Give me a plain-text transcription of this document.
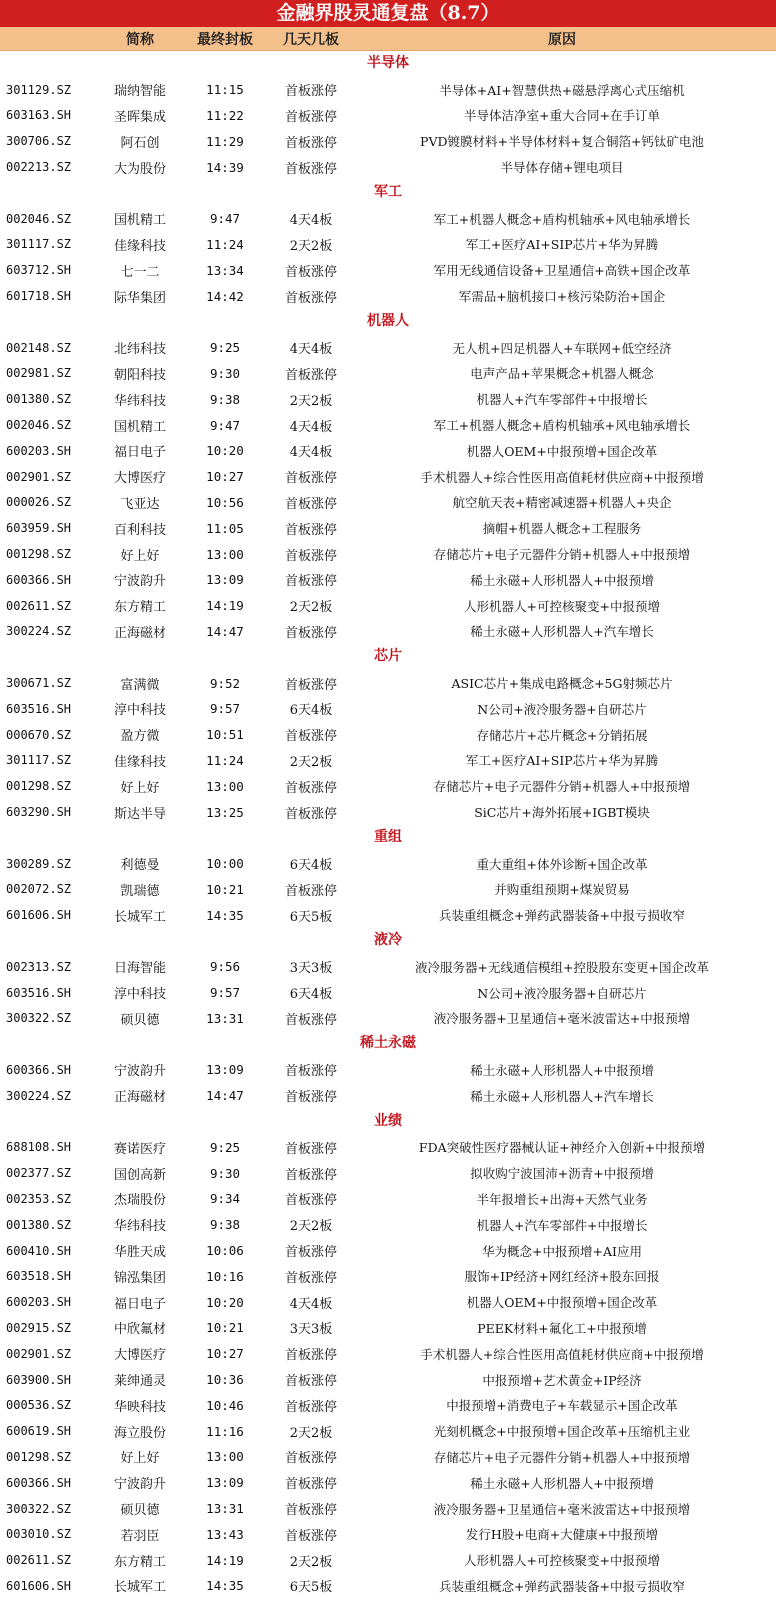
金融界股灵通复盘（8.7）
简称	最终封板	几天几板	原因
半导体
301129.SZ	瑞纳智能	11:15	首板涨停	半导体+AI+智慧供热+磁悬浮离心式压缩机
603163.SH	圣晖集成	11:22	首板涨停	半导体洁净室+重大合同+在手订单
300706.SZ	阿石创	11:29	首板涨停	PVD镀膜材料+半导体材料+复合铜箔+钙钛矿电池
002213.SZ	大为股份	14:39	首板涨停	半导体存储+锂电项目
军工
002046.SZ	国机精工	9:47	4天4板	军工+机器人概念+盾构机轴承+风电轴承增长
301117.SZ	佳缘科技	11:24	2天2板	军工+医疗AI+SIP芯片+华为昇腾
603712.SH	七一二	13:34	首板涨停	军用无线通信设备+卫星通信+高铁+国企改革
601718.SH	际华集团	14:42	首板涨停	军需品+脑机接口+核污染防治+国企
机器人
002148.SZ	北纬科技	9:25	4天4板	无人机+四足机器人+车联网+低空经济
002981.SZ	朝阳科技	9:30	首板涨停	电声产品+苹果概念+机器人概念
001380.SZ	华纬科技	9:38	2天2板	机器人+汽车零部件+中报增长
002046.SZ	国机精工	9:47	4天4板	军工+机器人概念+盾构机轴承+风电轴承增长
600203.SH	福日电子	10:20	4天4板	机器人OEM+中报预增+国企改革
002901.SZ	大博医疗	10:27	首板涨停	手术机器人+综合性医用高值耗材供应商+中报预增
000026.SZ	飞亚达	10:56	首板涨停	航空航天表+精密减速器+机器人+央企
603959.SH	百利科技	11:05	首板涨停	摘帽+机器人概念+工程服务
001298.SZ	好上好	13:00	首板涨停	存储芯片+电子元器件分销+机器人+中报预增
600366.SH	宁波韵升	13:09	首板涨停	稀土永磁+人形机器人+中报预增
002611.SZ	东方精工	14:19	2天2板	人形机器人+可控核聚变+中报预增
300224.SZ	正海磁材	14:47	首板涨停	稀土永磁+人形机器人+汽车增长
芯片
300671.SZ	富满微	9:52	首板涨停	ASIC芯片+集成电路概念+5G射频芯片
603516.SH	淳中科技	9:57	6天4板	N公司+液冷服务器+自研芯片
000670.SZ	盈方微	10:51	首板涨停	存储芯片+芯片概念+分销拓展
301117.SZ	佳缘科技	11:24	2天2板	军工+医疗AI+SIP芯片+华为昇腾
001298.SZ	好上好	13:00	首板涨停	存储芯片+电子元器件分销+机器人+中报预增
603290.SH	斯达半导	13:25	首板涨停	SiC芯片+海外拓展+IGBT模块
重组
300289.SZ	利德曼	10:00	6天4板	重大重组+体外诊断+国企改革
002072.SZ	凯瑞德	10:21	首板涨停	并购重组预期+煤炭贸易
601606.SH	长城军工	14:35	6天5板	兵装重组概念+弹药武器装备+中报亏损收窄
液冷
002313.SZ	日海智能	9:56	3天3板	液冷服务器+无线通信模组+控股股东变更+国企改革
603516.SH	淳中科技	9:57	6天4板	N公司+液冷服务器+自研芯片
300322.SZ	硕贝德	13:31	首板涨停	液冷服务器+卫星通信+毫米波雷达+中报预增
稀土永磁
600366.SH	宁波韵升	13:09	首板涨停	稀土永磁+人形机器人+中报预增
300224.SZ	正海磁材	14:47	首板涨停	稀土永磁+人形机器人+汽车增长
业绩
688108.SH	赛诺医疗	9:25	首板涨停	FDA突破性医疗器械认证+神经介入创新+中报预增
002377.SZ	国创高新	9:30	首板涨停	拟收购宁波国沛+沥青+中报预增
002353.SZ	杰瑞股份	9:34	首板涨停	半年报增长+出海+天然气业务
001380.SZ	华纬科技	9:38	2天2板	机器人+汽车零部件+中报增长
600410.SH	华胜天成	10:06	首板涨停	华为概念+中报预增+AI应用
603518.SH	锦泓集团	10:16	首板涨停	服饰+IP经济+网红经济+股东回报
600203.SH	福日电子	10:20	4天4板	机器人OEM+中报预增+国企改革
002915.SZ	中欣氟材	10:21	3天3板	PEEK材料+氟化工+中报预增
002901.SZ	大博医疗	10:27	首板涨停	手术机器人+综合性医用高值耗材供应商+中报预增
603900.SH	莱绅通灵	10:36	首板涨停	中报预增+艺术黄金+IP经济
000536.SZ	华映科技	10:46	首板涨停	中报预增+消费电子+车载显示+国企改革
600619.SH	海立股份	11:16	2天2板	光刻机概念+中报预增+国企改革+压缩机主业
001298.SZ	好上好	13:00	首板涨停	存储芯片+电子元器件分销+机器人+中报预增
600366.SH	宁波韵升	13:09	首板涨停	稀土永磁+人形机器人+中报预增
300322.SZ	硕贝德	13:31	首板涨停	液冷服务器+卫星通信+毫米波雷达+中报预增
003010.SZ	若羽臣	13:43	首板涨停	发行H股+电商+大健康+中报预增
002611.SZ	东方精工	14:19	2天2板	人形机器人+可控核聚变+中报预增
601606.SH	长城军工	14:35	6天5板	兵装重组概念+弹药武器装备+中报亏损收窄
